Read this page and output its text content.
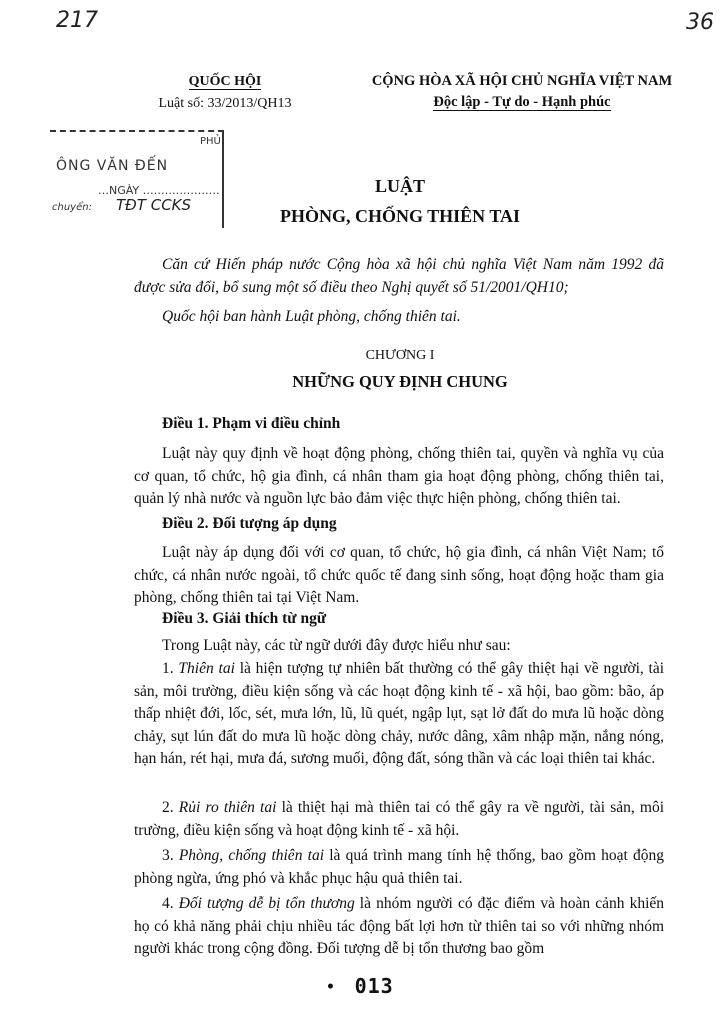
217	36
QUỐC HỘI
Luật số: 33/2013/QH13
CỘNG HÒA XÃ HỘI CHỦ NGHĨA VIỆT NAM
Độc lập - Tự do - Hạnh phúc
PHỦ
ÔNG VĂN ĐẾN
…NGÀY …………………
chuyển: TĐT CCKS
LUẬT
PHÒNG, CHỐNG THIÊN TAI
Căn cứ Hiến pháp nước Cộng hòa xã hội chủ nghĩa Việt Nam năm 1992 đã được sửa đổi, bổ sung một số điều theo Nghị quyết số 51/2001/QH10;
Quốc hội ban hành Luật phòng, chống thiên tai.
CHƯƠNG I
NHỮNG QUY ĐỊNH CHUNG
Điều 1. Phạm vi điều chỉnh
Luật này quy định về hoạt động phòng, chống thiên tai, quyền và nghĩa vụ của cơ quan, tổ chức, hộ gia đình, cá nhân tham gia hoạt động phòng, chống thiên tai, quản lý nhà nước và nguồn lực bảo đảm việc thực hiện phòng, chống thiên tai.
Điều 2. Đối tượng áp dụng
Luật này áp dụng đối với cơ quan, tổ chức, hộ gia đình, cá nhân Việt Nam; tổ chức, cá nhân nước ngoài, tổ chức quốc tế đang sinh sống, hoạt động hoặc tham gia phòng, chống thiên tai tại Việt Nam.
Điều 3. Giải thích từ ngữ
Trong Luật này, các từ ngữ dưới đây được hiểu như sau:
1. Thiên tai là hiện tượng tự nhiên bất thường có thể gây thiệt hại về người, tài sản, môi trường, điều kiện sống và các hoạt động kinh tế - xã hội, bao gồm: bão, áp thấp nhiệt đới, lốc, sét, mưa lớn, lũ, lũ quét, ngập lụt, sạt lở đất do mưa lũ hoặc dòng chảy, sụt lún đất do mưa lũ hoặc dòng chảy, nước dâng, xâm nhập mặn, nắng nóng, hạn hán, rét hại, mưa đá, sương muối, động đất, sóng thần và các loại thiên tai khác.
2. Rủi ro thiên tai là thiệt hại mà thiên tai có thể gây ra về người, tài sản, môi trường, điều kiện sống và hoạt động kinh tế - xã hội.
3. Phòng, chống thiên tai là quá trình mang tính hệ thống, bao gồm hoạt động phòng ngừa, ứng phó và khắc phục hậu quả thiên tai.
4. Đối tượng dễ bị tổn thương là nhóm người có đặc điểm và hoàn cảnh khiến họ có khả năng phải chịu nhiều tác động bất lợi hơn từ thiên tai so với những nhóm người khác trong cộng đồng. Đối tượng dễ bị tổn thương bao gồm
•  013
